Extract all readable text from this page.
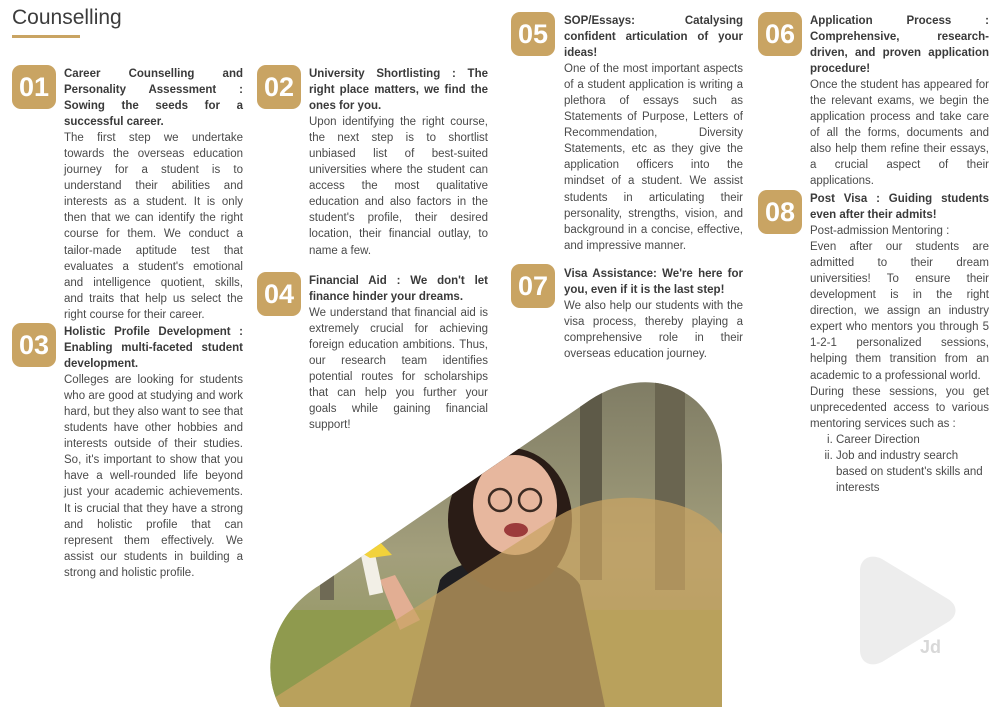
Counselling
01	Career Counselling and Personality Assessment : Sowing the seeds for a successful career.

The first step we undertake towards the overseas education journey for a student is to understand their abilities and interests as a student. It is only then that we can identify the right course for them. We conduct a tailor-made aptitude test that evaluates a student's emotional and intelligence quotient, skills, and traits that help us select the right course for their career.

02	University Shortlisting : The right place matters, we find the ones for you.

Upon identifying the right course, the next step is to shortlist unbiased list of best-suited universities where the student can access the most qualitative education and also factors in the student's profile, their desired location, their financial outlay, to name a few.

03	Holistic Profile Development : Enabling multi-faceted student development.

Colleges are looking for students who are good at studying and work hard, but they also want to see that students have other hobbies and interests outside of their studies. So, it's important to show that you have a well-rounded life beyond just your academic achievements. It is crucial that they have a strong and holistic profile that can represent them effectively. We assist our students in building a strong and holistic profile.

04	Financial Aid : We don't let finance hinder your dreams.

We understand that financial aid is extremely crucial for achieving foreign education ambitions. Thus, our research team identifies potential routes for scholarships that can help you further your goals while gaining financial support!

05	SOP/Essays: Catalysing confident articulation of your ideas!

One of the most important aspects of a student application is writing a plethora of essays such as Statements of Purpose, Letters of Recommendation, Diversity Statements, etc as they give the application officers into the mindset of a student. We assist students in articulating their personality, strengths, vision, and background in a concise, effective, and impressive manner.

06	Application Process : Comprehensive, research-driven, and proven application procedure!

Once the student has appeared for the relevant exams, we begin the application process and take care of all the forms, documents and also help them refine their essays, a crucial aspect of their applications.

07	Visa Assistance: We're here for you, even if it is the last step!

We also help our students with the visa process, thereby playing a comprehensive role in their overseas education journey.

08	Post Visa : Guiding students even after their admits!

Post-admission Mentoring :

Even after our students are admitted to their dream universities! To ensure their development is in the right direction, we assign an industry expert who mentors you through 5 1-2-1 personalized sessions, helping them transition from an academic to a professional world.

During these sessions, you get unprecedented access to various mentoring services such as :

i. Career Direction
ii. Job and industry search based on student's skills and interests
Jd
